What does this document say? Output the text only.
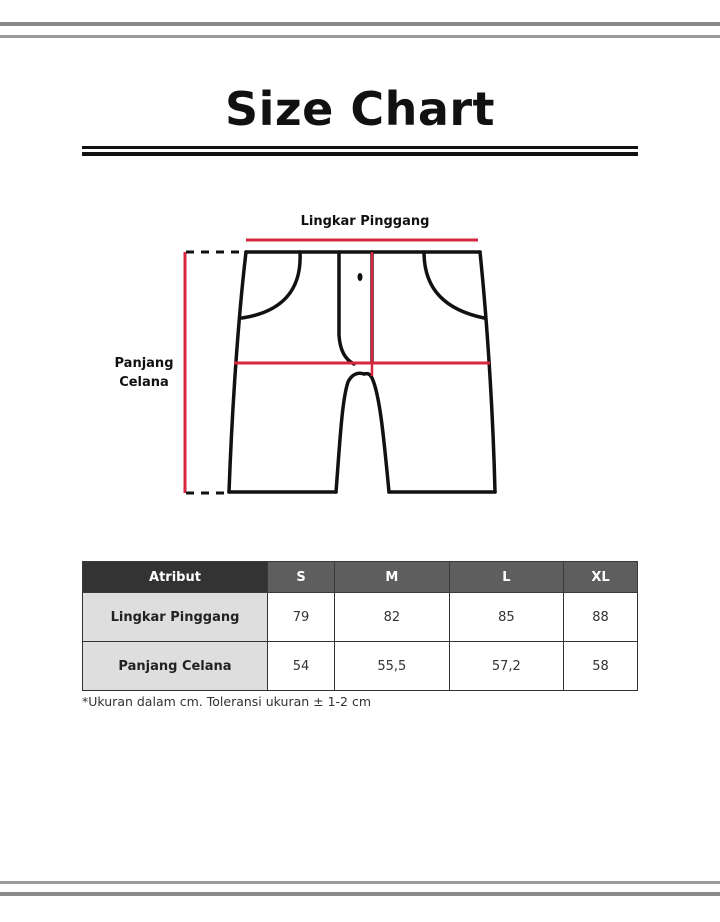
Size Chart
Lingkar Pinggang
Panjang
Celana
Atribut	S	M	L	XL
Lingkar Pinggang	79	82	85	88
Panjang Celana	54	55,5	57,2	58
*Ukuran dalam cm. Toleransi ukuran ± 1-2 cm
